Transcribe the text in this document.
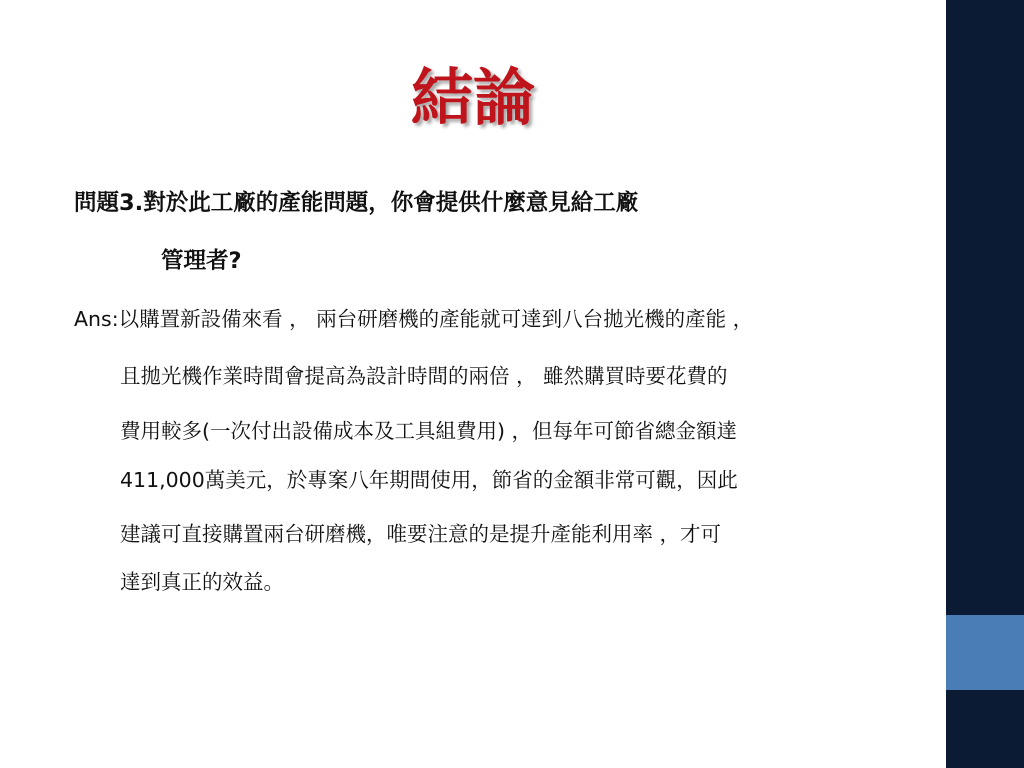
結論
問題3.對於此工廠的產能問題，你會提供什麼意見給工廠
管理者?
Ans:以購置新設備來看 ， 兩台研磨機的產能就可達到八台拋光機的產能 ，
且拋光機作業時間會提高為設計時間的兩倍 ， 雖然購買時要花費的
費用較多(一次付出設備成本及工具組費用) ，但每年可節省總金額達
411,000萬美元，於專案八年期間使用，節省的金額非常可觀，因此
建議可直接購置兩台研磨機，唯要注意的是提升產能利用率 ，才可
達到真正的效益。
